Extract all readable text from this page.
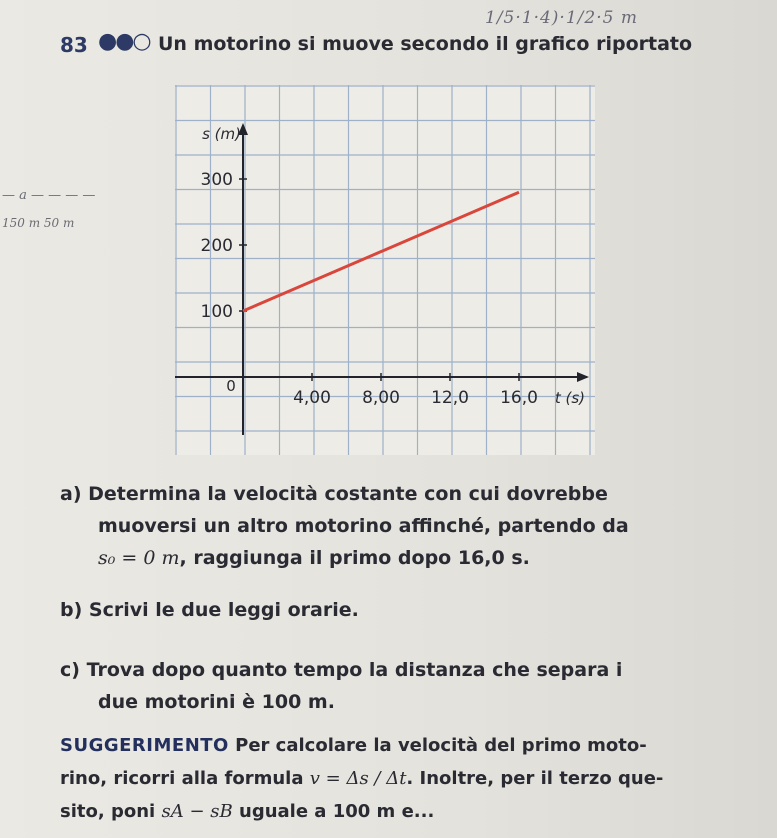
1/5·1·4)·1/2·5 m
83 ●●○ Un motorino si muove secondo il grafico riportato
— a — — — —
150 m 50 m
100
200
300
4,00 8,00 12,0 16,0
0
s (m)
t (s)
a) Determina la velocità costante con cui dovrebbe
muoversi un altro motorino affinché, partendo da
s₀ = 0 m, raggiunga il primo dopo 16,0 s.
b) Scrivi le due leggi orarie.
c) Trova dopo quanto tempo la distanza che separa i
due motorini è 100 m.
SUGGERIMENTO Per calcolare la velocità del primo moto-
rino, ricorri alla formula v = Δs / Δt. Inoltre, per il terzo que-
sito, poni sA − sB uguale a 100 m e...
